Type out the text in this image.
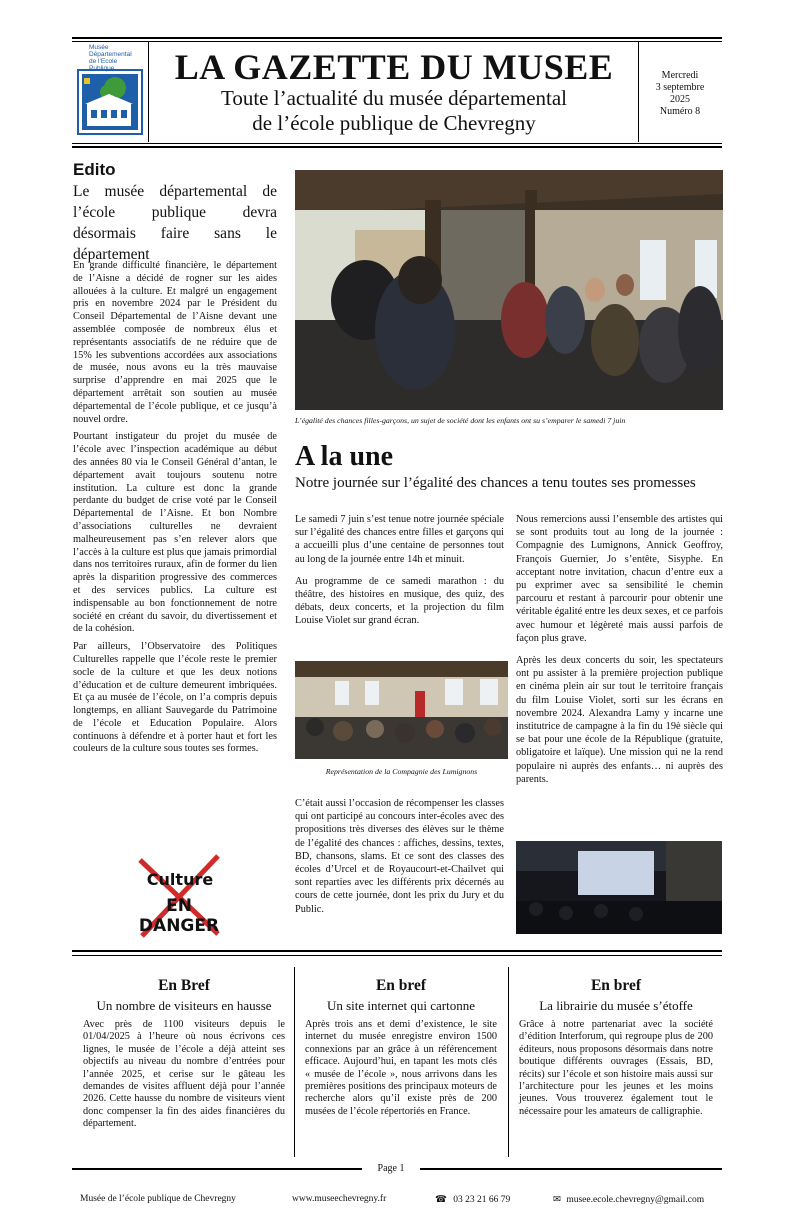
Musée
Départemental
de l’Ecole Publique	LA GAZETTE DU MUSEE
Toute l’actualité du musée départemental
de l’école publique de Chevregny
Mercredi
3 septembre
2025
Numéro 8
Edito
Le musée départemental de l’école publique devra désormais faire sans le département

En grande difficulté financière, le département de l’Aisne a décidé de rogner sur les aides allouées à la culture. Et malgré un engagement pris en novembre 2024 par le Président du Conseil Départemental de l’Aisne devant une assemblée composée de nombreux élus et représentants associatifs de ne réduire que de 15% les subventions accordées aux associations de musée, nous avons eu la très mauvaise surprise d’apprendre en mai 2025 que le département arrêtait son soutien au musée départemental de l’école publique, et ce jusqu’à nouvel ordre.

Pourtant instigateur du projet du musée de l’école avec l’inspection académique au début des années 80 via le Conseil Général d’antan, le département avait toujours soutenu notre institution. La culture est donc la grande perdante du budget de crise voté par le Conseil Départemental de l’Aisne. Et bon Nombre d’associations culturelles ne devraient malheureusement pas s’en relever alors que l’accès à la culture est plus que jamais primordial dans nos territoires ruraux, afin de former du lien après la disparition progressive des commerces et des services publics. La culture est indispensable au bon fonctionnement de notre société en créant du savoir, du divertissement et de la cohésion.

Par ailleurs, l’Observatoire des Politiques Culturelles rappelle que l’école reste le premier socle de la culture et que les deux notions d’éducation et de culture demeurent imbriquées. Et ça au musée de l’école, on l’a compris depuis longtemps, en alliant Sauvegarde du Patrimoine de l’école et Education Populaire. Alors continuons à défendre et à porter haut et fort les couleurs de la culture sous toutes ses formes.

Culture
EN DANGER
L’égalité des chances filles-garçons, un sujet de société dont les enfants ont su s’emparer le samedi 7 juin
A la une
Notre journée sur l’égalité des chances a tenu toutes ses promesses

Le samedi 7 juin s’est tenue notre journée spéciale sur l’égalité des chances entre filles et garçons qui a accueilli plus d’une centaine de personnes tout au long de la journée entre 14h et minuit.

Au programme de ce samedi marathon : du théâtre, des histoires en musique, des quiz, des débats, deux concerts, et la projection du film Louise Violet sur grand écran.

Représentation de la Compagnie des Lumignons

C’était aussi l’occasion de récompenser les classes qui ont participé au concours inter-écoles avec des propositions très diverses des élèves sur le thème de l’égalité des chances : affiches, dessins, textes, BD, chansons, slams. Et ce sont des classes des écoles d’Urcel et de Royaucourt-et-Chailvet qui sont reparties avec les différents prix décernés au cours de cette journée, dont les prix du Jury et du Public.

Nous remercions aussi l’ensemble des artistes qui se sont produits tout au long de la journée : Compagnie des Lumignons, Annick Geoffroy, François Guernier, Jo s’entête, Sisyphe. En acceptant notre invitation, chacun d’entre eux a pu exprimer avec sa sensibilité le chemin parcouru et restant à parcourir pour obtenir une véritable égalité entre les deux sexes, et ce parfois avec humour et légèreté mais aussi parfois de façon plus grave.

Après les deux concerts du soir, les spectateurs ont pu assister à la première projection publique en cinéma plein air sur tout le territoire français du film Louise Violet, sorti sur les écrans en novembre 2024. Alexandra Lamy y incarne une institutrice de campagne à la fin du 19è siècle qui se bat pour une école de la République (gratuite, obligatoire et laïque). Une mission qui ne la rend populaire ni auprès des enfants… ni auprès des parents.

En Bref
Un nombre de visiteurs en hausse
Avec près de 1100 visiteurs depuis le 01/04/2025 à l’heure où nous écrivons ces lignes, le musée de l’école a déjà atteint ses objectifs au niveau du nombre d’entrées pour l’année 2025, et cerise sur le gâteau les demandes de visites affluent déjà pour l’année 2026. Cette hausse du nombre de visiteurs vient donc compenser la fin des aides financières du département.
En bref
Un site internet qui cartonne
Après trois ans et demi d’existence, le site internet du musée enregistre environ 1500 connexions par an grâce à un référencement efficace. Aujourd’hui, en tapant les mots clés « musée de l’école », nous arrivons dans les premières positions des principaux moteurs de recherche alors qu’il existe près de 200 musées de l’école répertoriés en France.
En bref
La librairie du musée s’étoffe
Grâce à notre partenariat avec la société d’édition Interforum, qui regroupe plus de 200 éditeurs, nous proposons désormais dans notre boutique différents ouvrages (Essais, BD, récits) sur l’école et son histoire mais aussi sur l’architecture pour les jeunes et les moins jeunes. Vous trouverez également tout le nécessaire pour les amateurs de calligraphie.
Page 1
Musée de l’école publique de Chevregny	www.museechevregny.fr	☎ 03 23 21 66 79	✉ musee.ecole.chevregny@gmail.com
